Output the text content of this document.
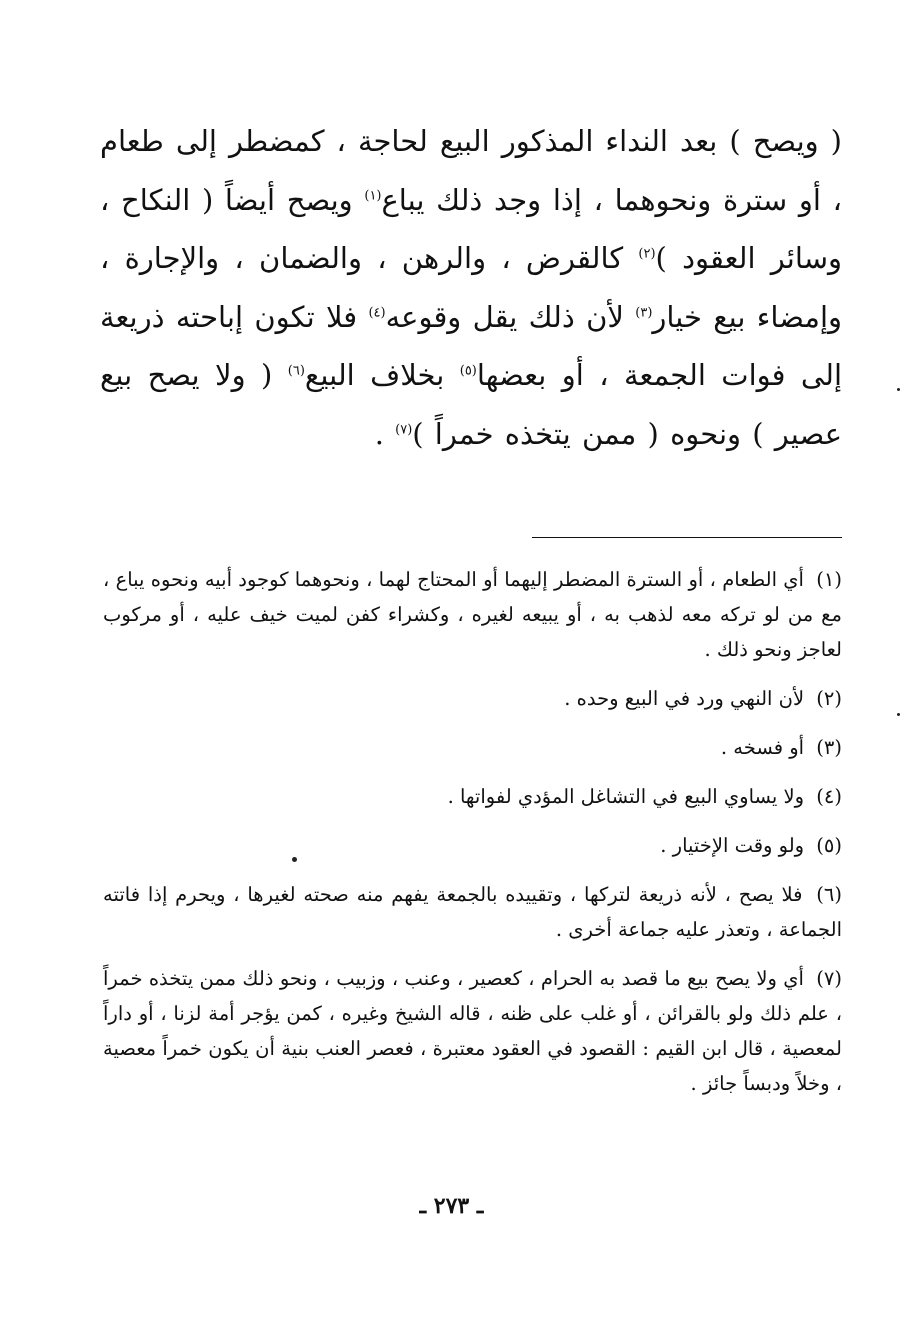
( ويصح ) بعد النداء المذكور البيع لحاجة ، كمضطر إلى طعام ، أو سترة ونحوهما ، إذا وجد ذلك يباع$^{(١)}$ ويصح أيضاً ( النكاح ، وسائر العقود )$^{(٢)}$ كالقرض ، والرهن ، والضمان ، والإجارة ، وإمضاء بيع خيار$^{(٣)}$ لأن ذلك يقل وقوعه$^{(٤)}$ فلا تكون إباحته ذريعة إلى فوات الجمعة ، أو بعضها$^{(٥)}$ بخلاف البيع$^{(٦)}$ ( ولا يصح بيع عصير ) ونحوه ( ممن يتخذه خمراً )$^{(٧)}$ .

(١) أي الطعام ، أو السترة المضطر إليهما أو المحتاج لهما ، ونحوهما كوجود أبيه ونحوه يباع ، مع من لو تركه معه لذهب به ، أو يبيعه لغيره ، وكشراء كفن لميت خيف عليه ، أو مركوب لعاجز ونحو ذلك .

(٢) لأن النهي ورد في البيع وحده .

(٣) أو فسخه .

(٤) ولا يساوي البيع في التشاغل المؤدي لفواتها .

(٥) ولو وقت الإختيار .

(٦) فلا يصح ، لأنه ذريعة لتركها ، وتقييده بالجمعة يفهم منه صحته لغيرها ، ويحرم إذا فاتته الجماعة ، وتعذر عليه جماعة أخرى .

(٧) أي ولا يصح بيع ما قصد به الحرام ، كعصير ، وعنب ، وزبيب ، ونحو ذلك ممن يتخذه خمراً ، علم ذلك ولو بالقرائن ، أو غلب على ظنه ، قاله الشيخ وغيره ، كمن يؤجر أمة لزنا ، أو داراً لمعصية ، قال ابن القيم : القصود في العقود معتبرة ، فعصر العنب بنية أن يكون خمراً معصية ، وخلاً ودبساً جائز .

ـ ٢٧٣ ـ
